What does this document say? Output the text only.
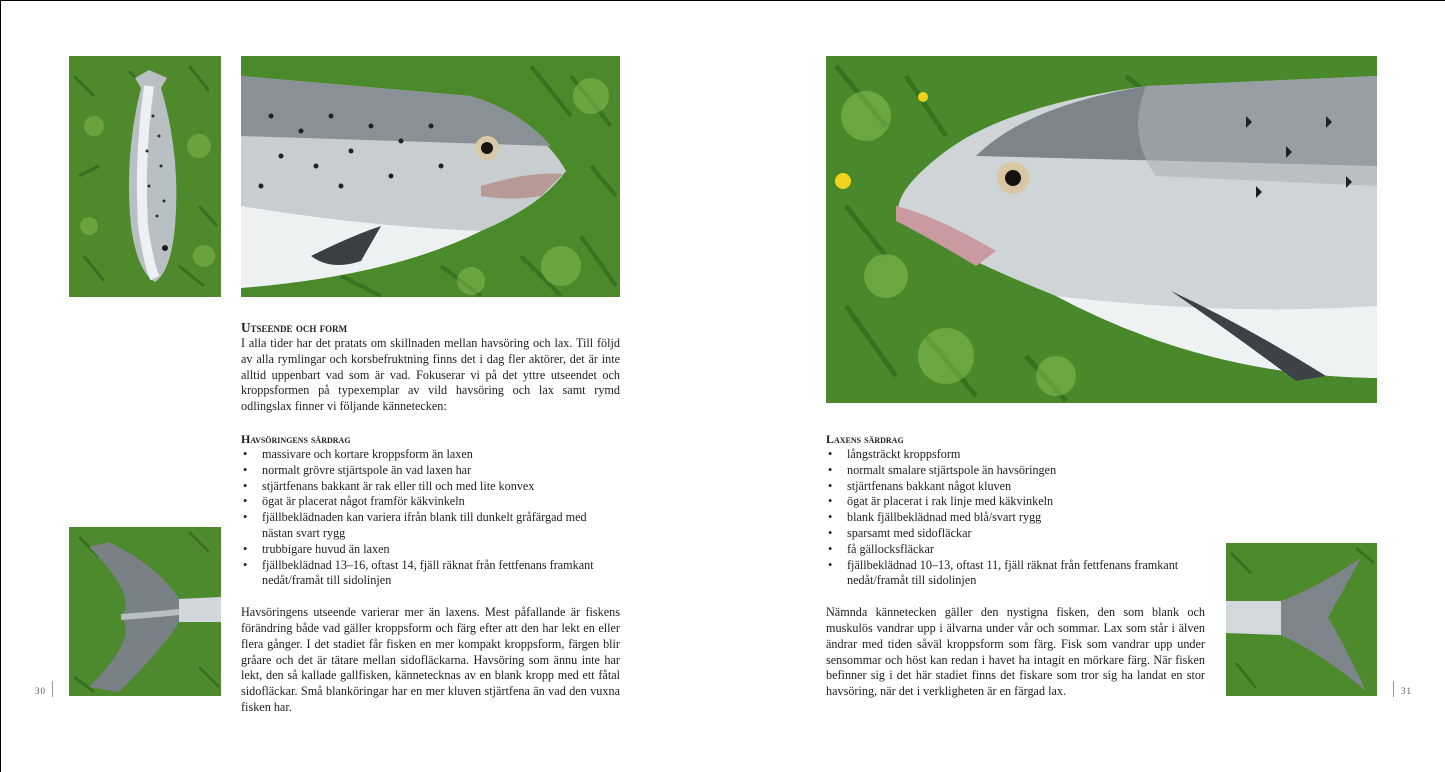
Utseende och form

I alla tider har det pratats om skillnaden mellan havsöring och lax. Till följd av alla rymlingar och korsbefruktning finns det i dag fler aktörer, det är inte alltid uppenbart vad som är vad. Fokuserar vi på det yttre utseendet och kroppsformen på typexemplar av vild havsöring och lax samt rymd odlingslax finner vi följande kännetecken:

Havsöringens särdrag
• massivare och kortare kroppsform än laxen
• normalt grövre stjärtspole än vad laxen har
• stjärtfenans bakkant är rak eller till och med lite konvex
• ögat är placerat något framför käkvinkeln
• fjällbeklädnaden kan variera ifrån blank till dunkelt gråfärgad med nästan svart rygg
• trubbigare huvud än laxen
• fjällbeklädnad 13–16, oftast 14, fjäll räknat från fettfenans framkant nedåt/framåt till sidolinjen

Havsöringens utseende varierar mer än laxens. Mest påfallande är fiskens förändring både vad gäller kroppsform och färg efter att den har lekt en eller flera gånger. I det stadiet får fisken en mer kompakt kroppsform, färgen blir gråare och det är tätare mellan sidofläckarna. Havsöring som ännu inte har lekt, den så kallade gallfisken, kännetecknas av en blank kropp med ett fåtal sidofläckar. Små blanköringar har en mer kluven stjärtfena än vad den vuxna fisken har.

Laxens särdrag
• långsträckt kroppsform
• normalt smalare stjärtspole än havsöringen
• stjärtfenans bakkant något kluven
• ögat är placerat i rak linje med käkvinkeln
• blank fjällbeklädnad med blå/svart rygg
• sparsamt med sidofläckar
• få gällocksfläckar
• fjällbeklädnad 10–13, oftast 11, fjäll räknat från fettfenans framkant nedåt/framåt till sidolinjen

Nämnda kännetecken gäller den nystigna fisken, den som blank och muskulös vandrar upp i älvarna under vår och sommar. Lax som står i älven ändrar med tiden såväl kroppsform som färg. Fisk som vandrar upp under sensommar och höst kan redan i havet ha intagit en mörkare färg. När fisken befinner sig i det här stadiet finns det fiskare som tror sig ha landat en stor havsöring, när det i verkligheten är en färgad lax.

30	31
